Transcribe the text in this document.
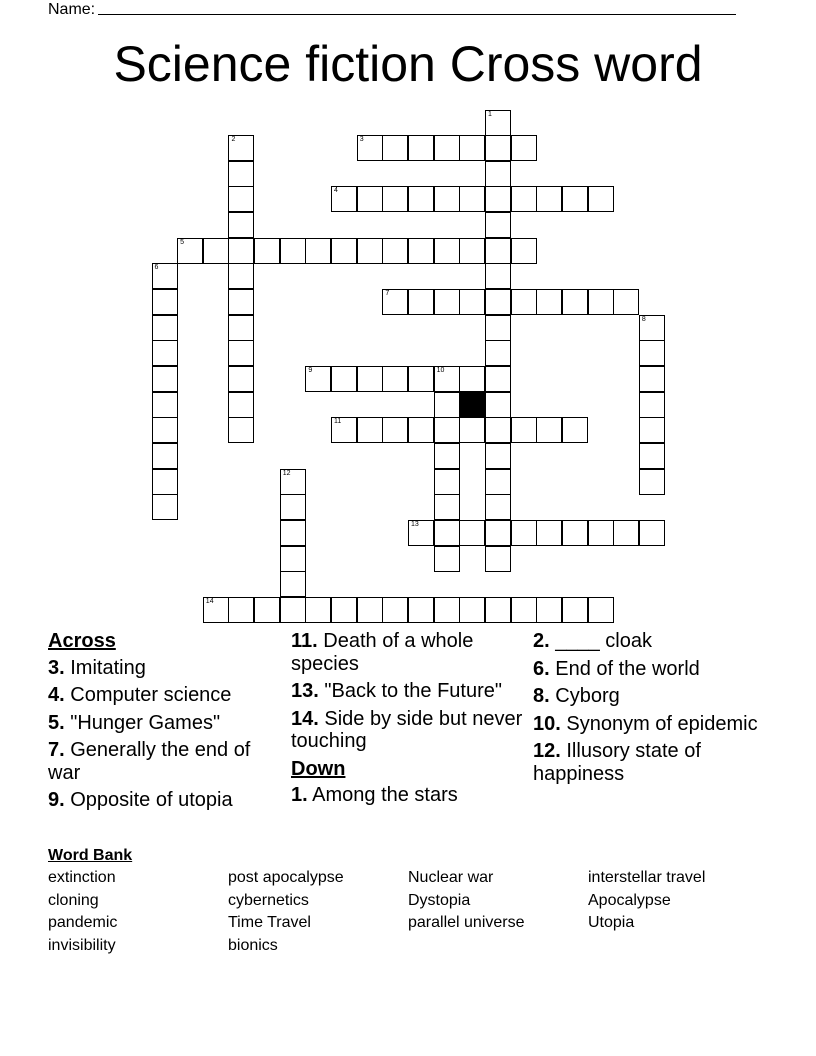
Name:
Science fiction Cross word
1
2	3
4
5
6
7
8
9	10
11
12
13
14
Across
3. Imitating
4. Computer science
5. "Hunger Games"
7. Generally the end of war
9. Opposite of utopia
11. Death of a whole species
13. "Back to the Future"
14. Side by side but never touching
Down
1. Among the stars
2. ____ cloak
6. End of the world
8. Cyborg
10. Synonym of epidemic
12. Illusory state of happiness
Word Bank
extinction
cloning
pandemic
invisibility
post apocalypse
cybernetics
Time Travel
bionics
Nuclear war
Dystopia
parallel universe
interstellar travel
Apocalypse
Utopia
